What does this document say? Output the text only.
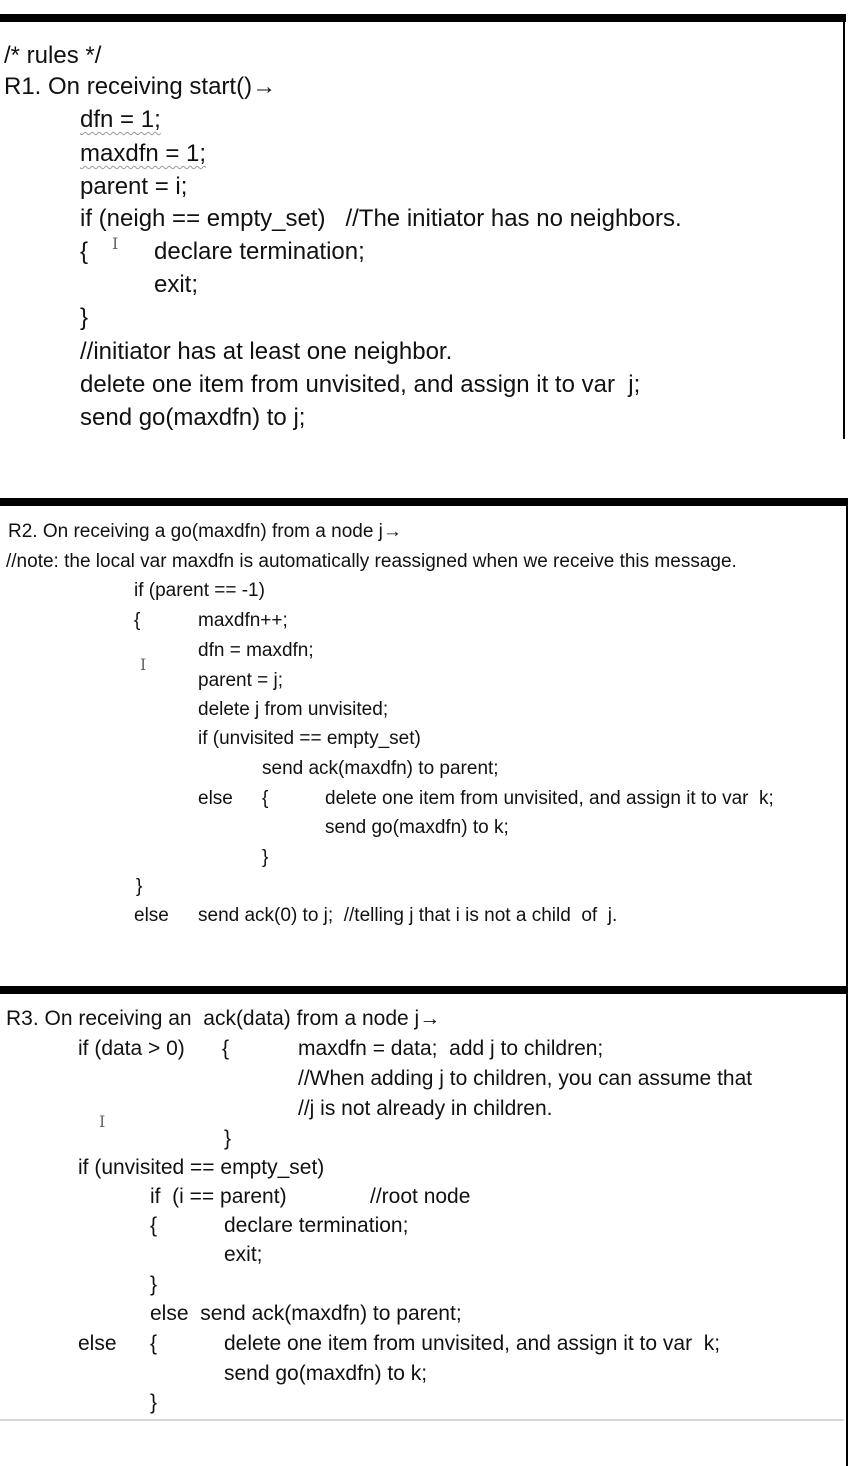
/* rules */
R1. On receiving start()→
dfn = 1;
maxdfn = 1;
parent = i;
if (neigh == empty_set)   //The initiator has no neighbors.
{ I declare termination;
exit;
}
//initiator has at least one neighbor.
delete one item from unvisited, and assign it to var  j;
send go(maxdfn) to j;
R2. On receiving a go(maxdfn) from a node j→
//note: the local var maxdfn is automatically reassigned when we receive this message.
if (parent == -1)
{	maxdfn++;
dfn = maxdfn;
I
parent = j;
delete j from unvisited;
if (unvisited == empty_set)
send ack(maxdfn) to parent;
else {	delete one item from unvisited, and assign it to var  k;
send go(maxdfn) to k;
}
}
else send ack(0) to j;  //telling j that i is not a child  of  j.
R3. On receiving an  ack(data) from a node j→
if (data > 0) {	maxdfn = data;  add j to children;
//When adding j to children, you can assume that
//j is not already in children.
I
}
if (unvisited == empty_set)
if  (i == parent)	//root node
{	declare termination;
exit;
}
else  send ack(maxdfn) to parent;
else {	delete one item from unvisited, and assign it to var  k;
send go(maxdfn) to k;
}
